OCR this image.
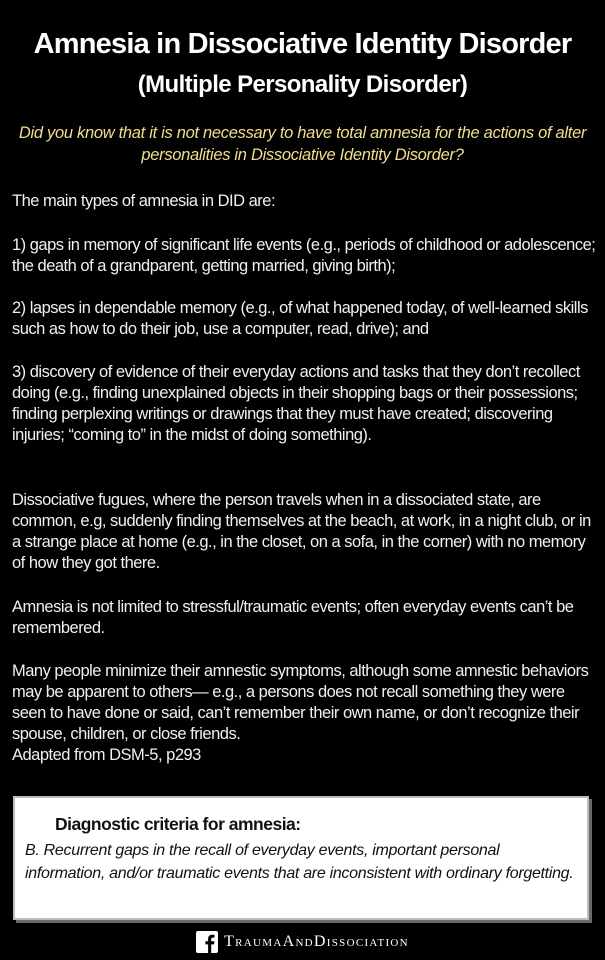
Amnesia in Dissociative Identity Disorder
(Multiple Personality Disorder)
Did you know that it is not necessary to have total amnesia for the actions of alter personalities in Dissociative Identity Disorder?
The main types of amnesia in DID are:
1) gaps in memory of significant life events (e.g., periods of childhood or adolescence; the death of a grandparent, getting married, giving birth);
2) lapses in dependable memory (e.g., of what happened today, of well-learned skills such as how to do their job, use a computer, read, drive); and
3) discovery of evidence of their everyday actions and tasks that they don’t recollect doing (e.g., finding unexplained objects in their shopping bags or their possessions; finding perplexing writings or drawings that they must have created; discovering injuries; “coming to” in the midst of doing something).
Dissociative fugues, where the person travels when in a dissociated state, are common, e.g, suddenly finding themselves at the beach, at work, in a night club, or in a strange place at home (e.g., in the closet, on a sofa, in the corner) with no memory of how they got there.
Amnesia is not limited to stressful/traumatic events; often everyday events can’t be remembered.
Many people minimize their amnestic symptoms, although some amnestic behaviors may be apparent to others— e.g., a persons does not recall something they were seen to have done or said, can’t remember their own name, or don’t recognize their spouse, children, or close friends.
Adapted from DSM-5, p293
Diagnostic criteria for amnesia:
B. Recurrent gaps in the recall of everyday events, important personal information, and/or traumatic events that are inconsistent with ordinary forgetting.
TraumaAndDissociation
